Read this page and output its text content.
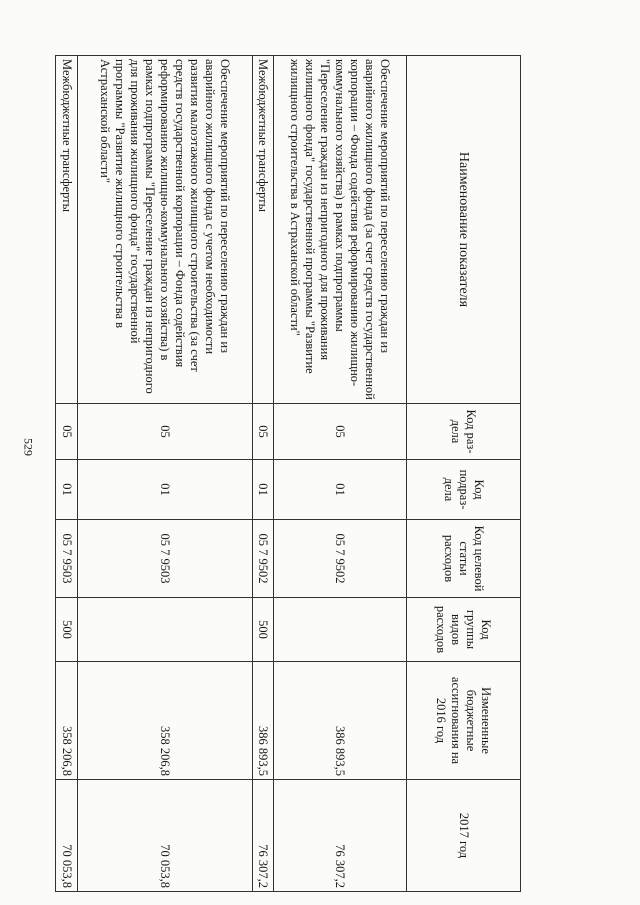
529
Наименование показателя	Код раз-дела	Код подраз-дела	Код целевой статьи расходов	Код группы видов расходов	Измененные бюджетные ассигнования на 2016 год	2017 год
Обеспечение мероприятий по переселению граждан из аварийного жилищного фонда (за счет средств государственной корпорации – Фонда содействия реформированию жилищно-коммунального хозяйства) в рамках подпрограммы "Переселение граждан из непригодного для проживания жилищного фонда" государственной программы "Развитие жилищного строительства в Астраханской области"	05	01	05 7 9502		386 893,5	76 307,2
Межбюджетные трансферты	05	01	05 7 9502	500	386 893,5	76 307,2
Обеспечение мероприятий по переселению граждан из аварийного жилищного фонда с учетом необходимости развития малоэтажного жилищного строительства (за счет средств государственной корпорации – Фонда содействия реформированию жилищно-коммунального хозяйства) в рамках подпрограммы "Переселение граждан из непригодного для проживания жилищного фонда" государственной программы "Развитие жилищного строительства в Астраханской области"	05	01	05 7 9503		358 206,8	70 053,8
Межбюджетные трансферты	05	01	05 7 9503	500	358 206,8	70 053,8
